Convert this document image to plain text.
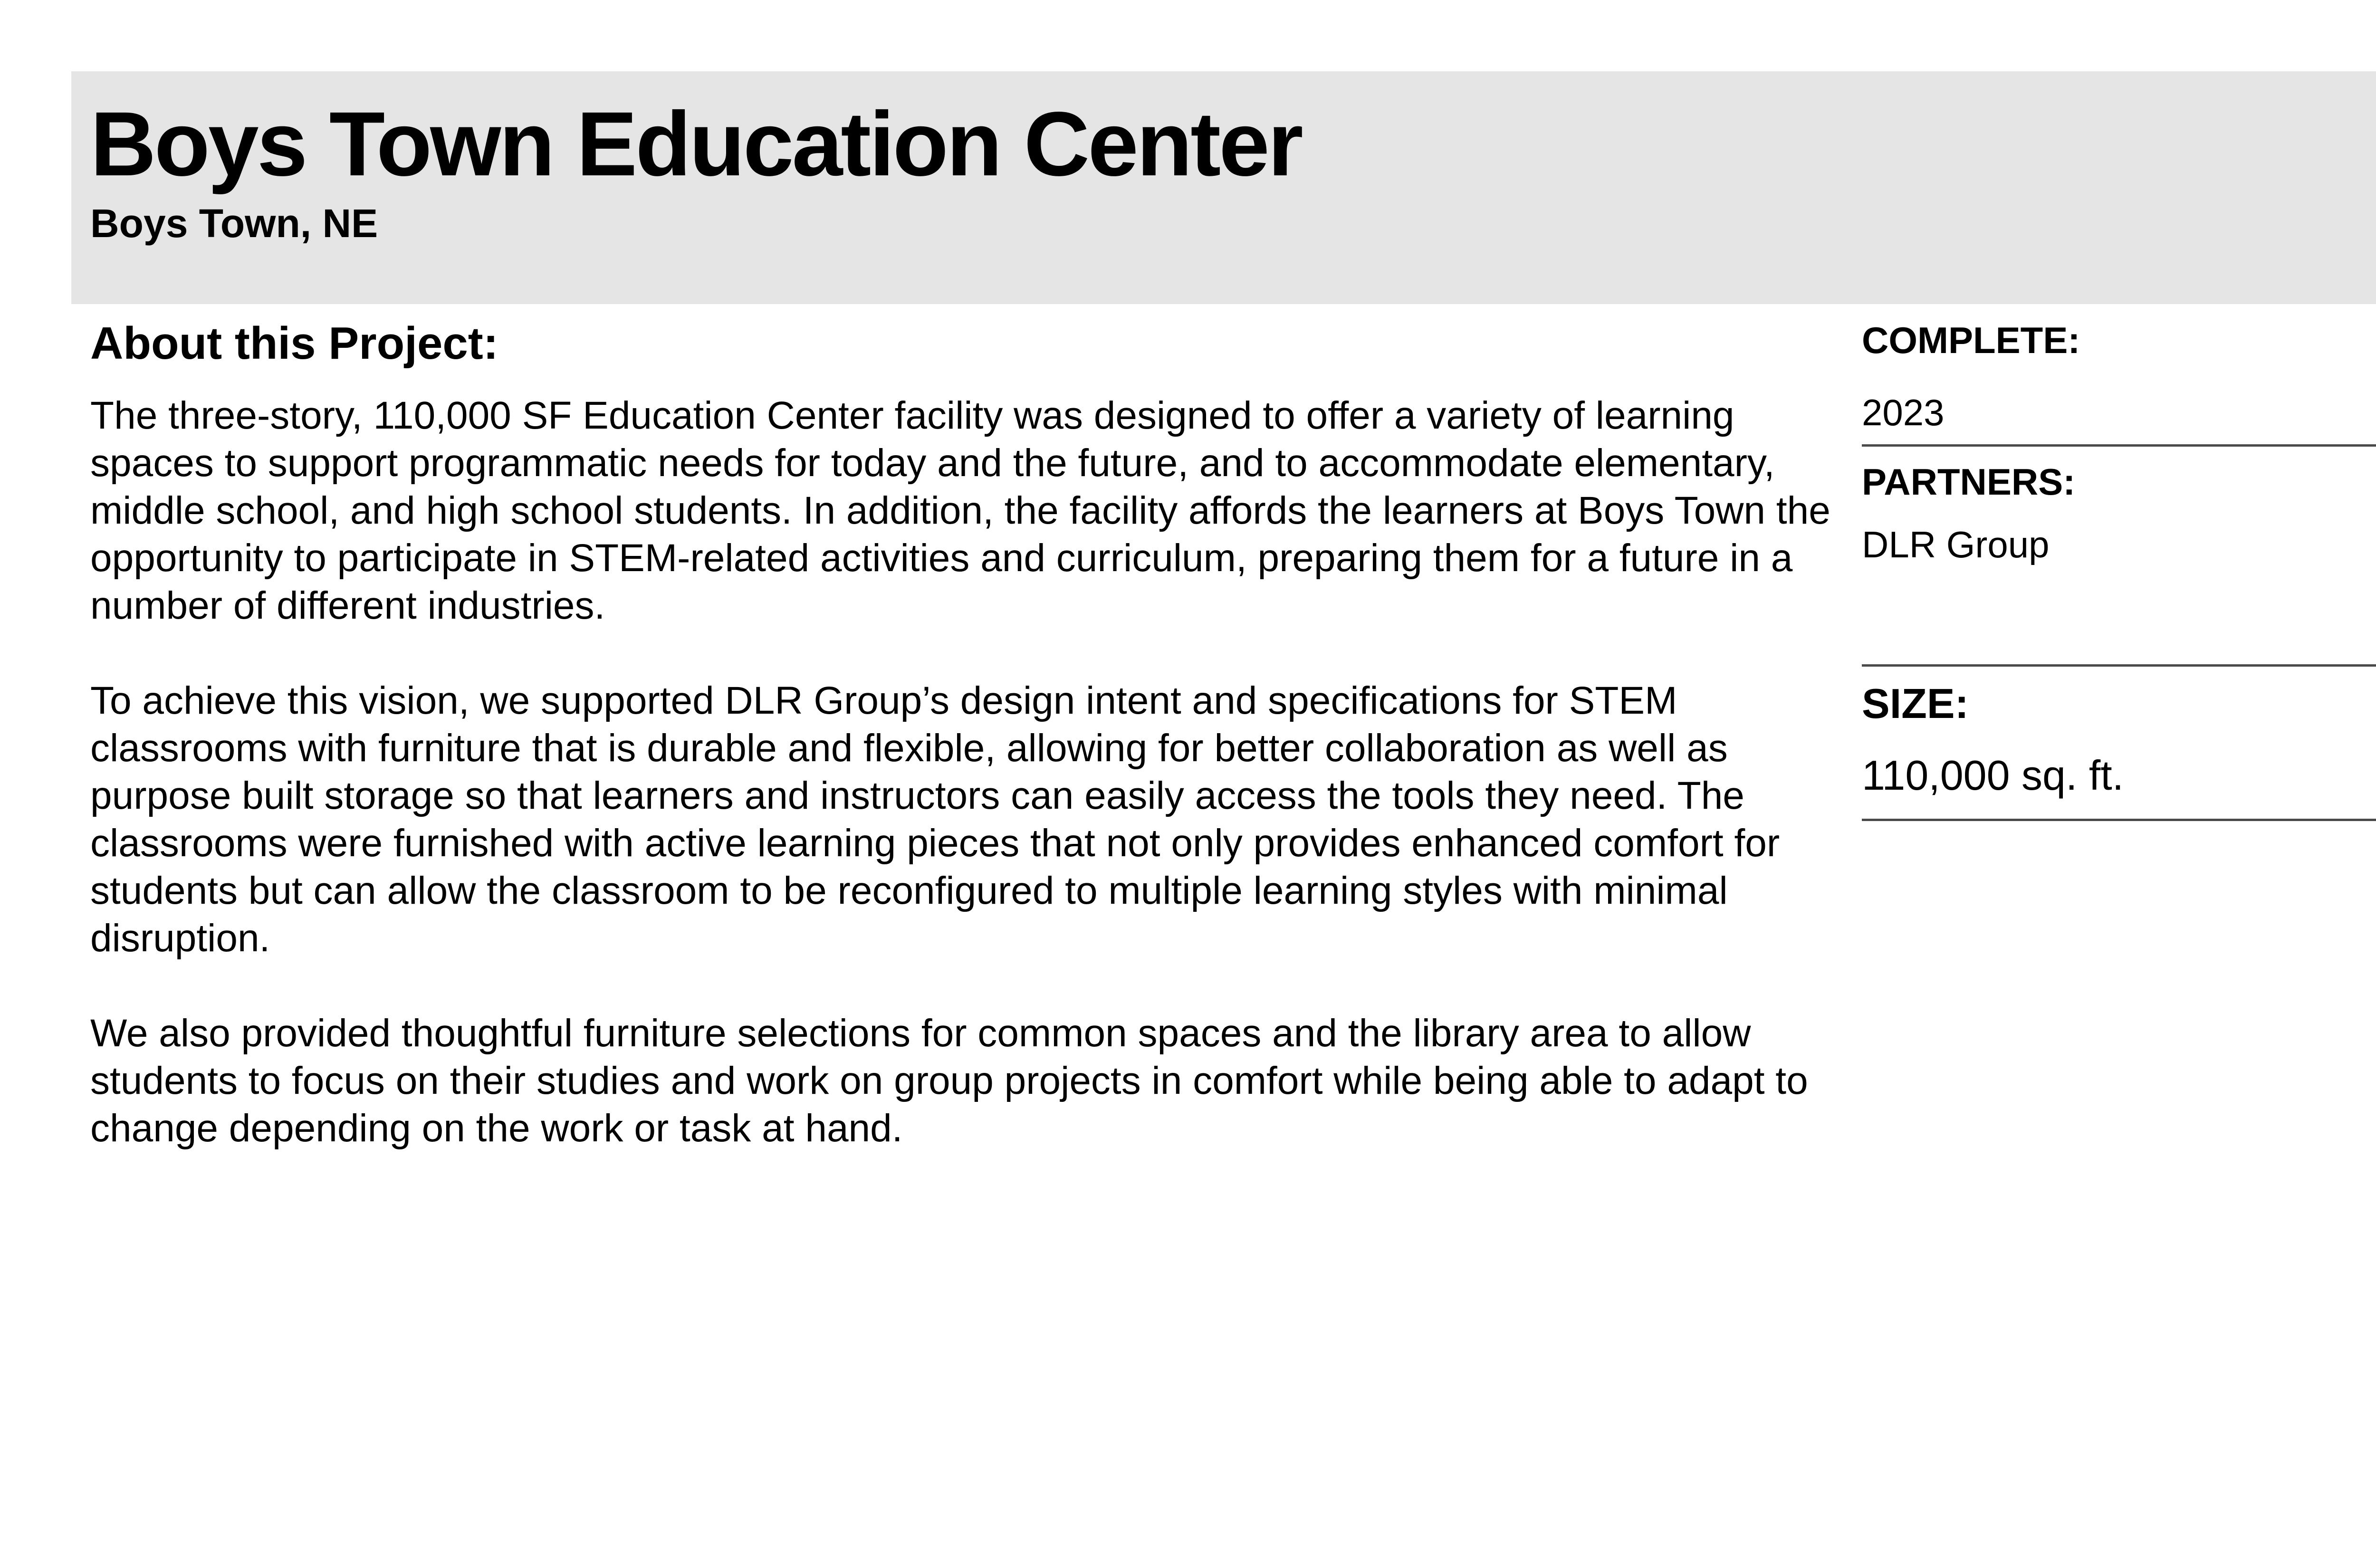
Boys Town Education Center
Boys Town, NE
About this Project:

The three-story, 110,000 SF Education Center facility was designed to offer a variety of learning spaces to support programmatic needs for today and the future, and to accommodate elementary, middle school, and high school students. In addition, the facility affords the learners at Boys Town the opportunity to participate in STEM-related activities and curriculum, preparing them for a future in a number of different industries.

To achieve this vision, we supported DLR Group’s design intent and specifications for STEM classrooms with furniture that is durable and flexible, allowing for better collaboration as well as purpose built storage so that learners and instructors can easily access the tools they need. The classrooms were furnished with active learning pieces that not only provides enhanced comfort for students but can allow the classroom to be reconfigured to multiple learning styles with minimal disruption.

We also provided thoughtful furniture selections for common spaces and the library area to allow students to focus on their studies and work on group projects in comfort while being able to adapt to change depending on the work or task at hand.

COMPLETE:

2023

PARTNERS:

DLR Group

SIZE:

110,000 sq. ft.
